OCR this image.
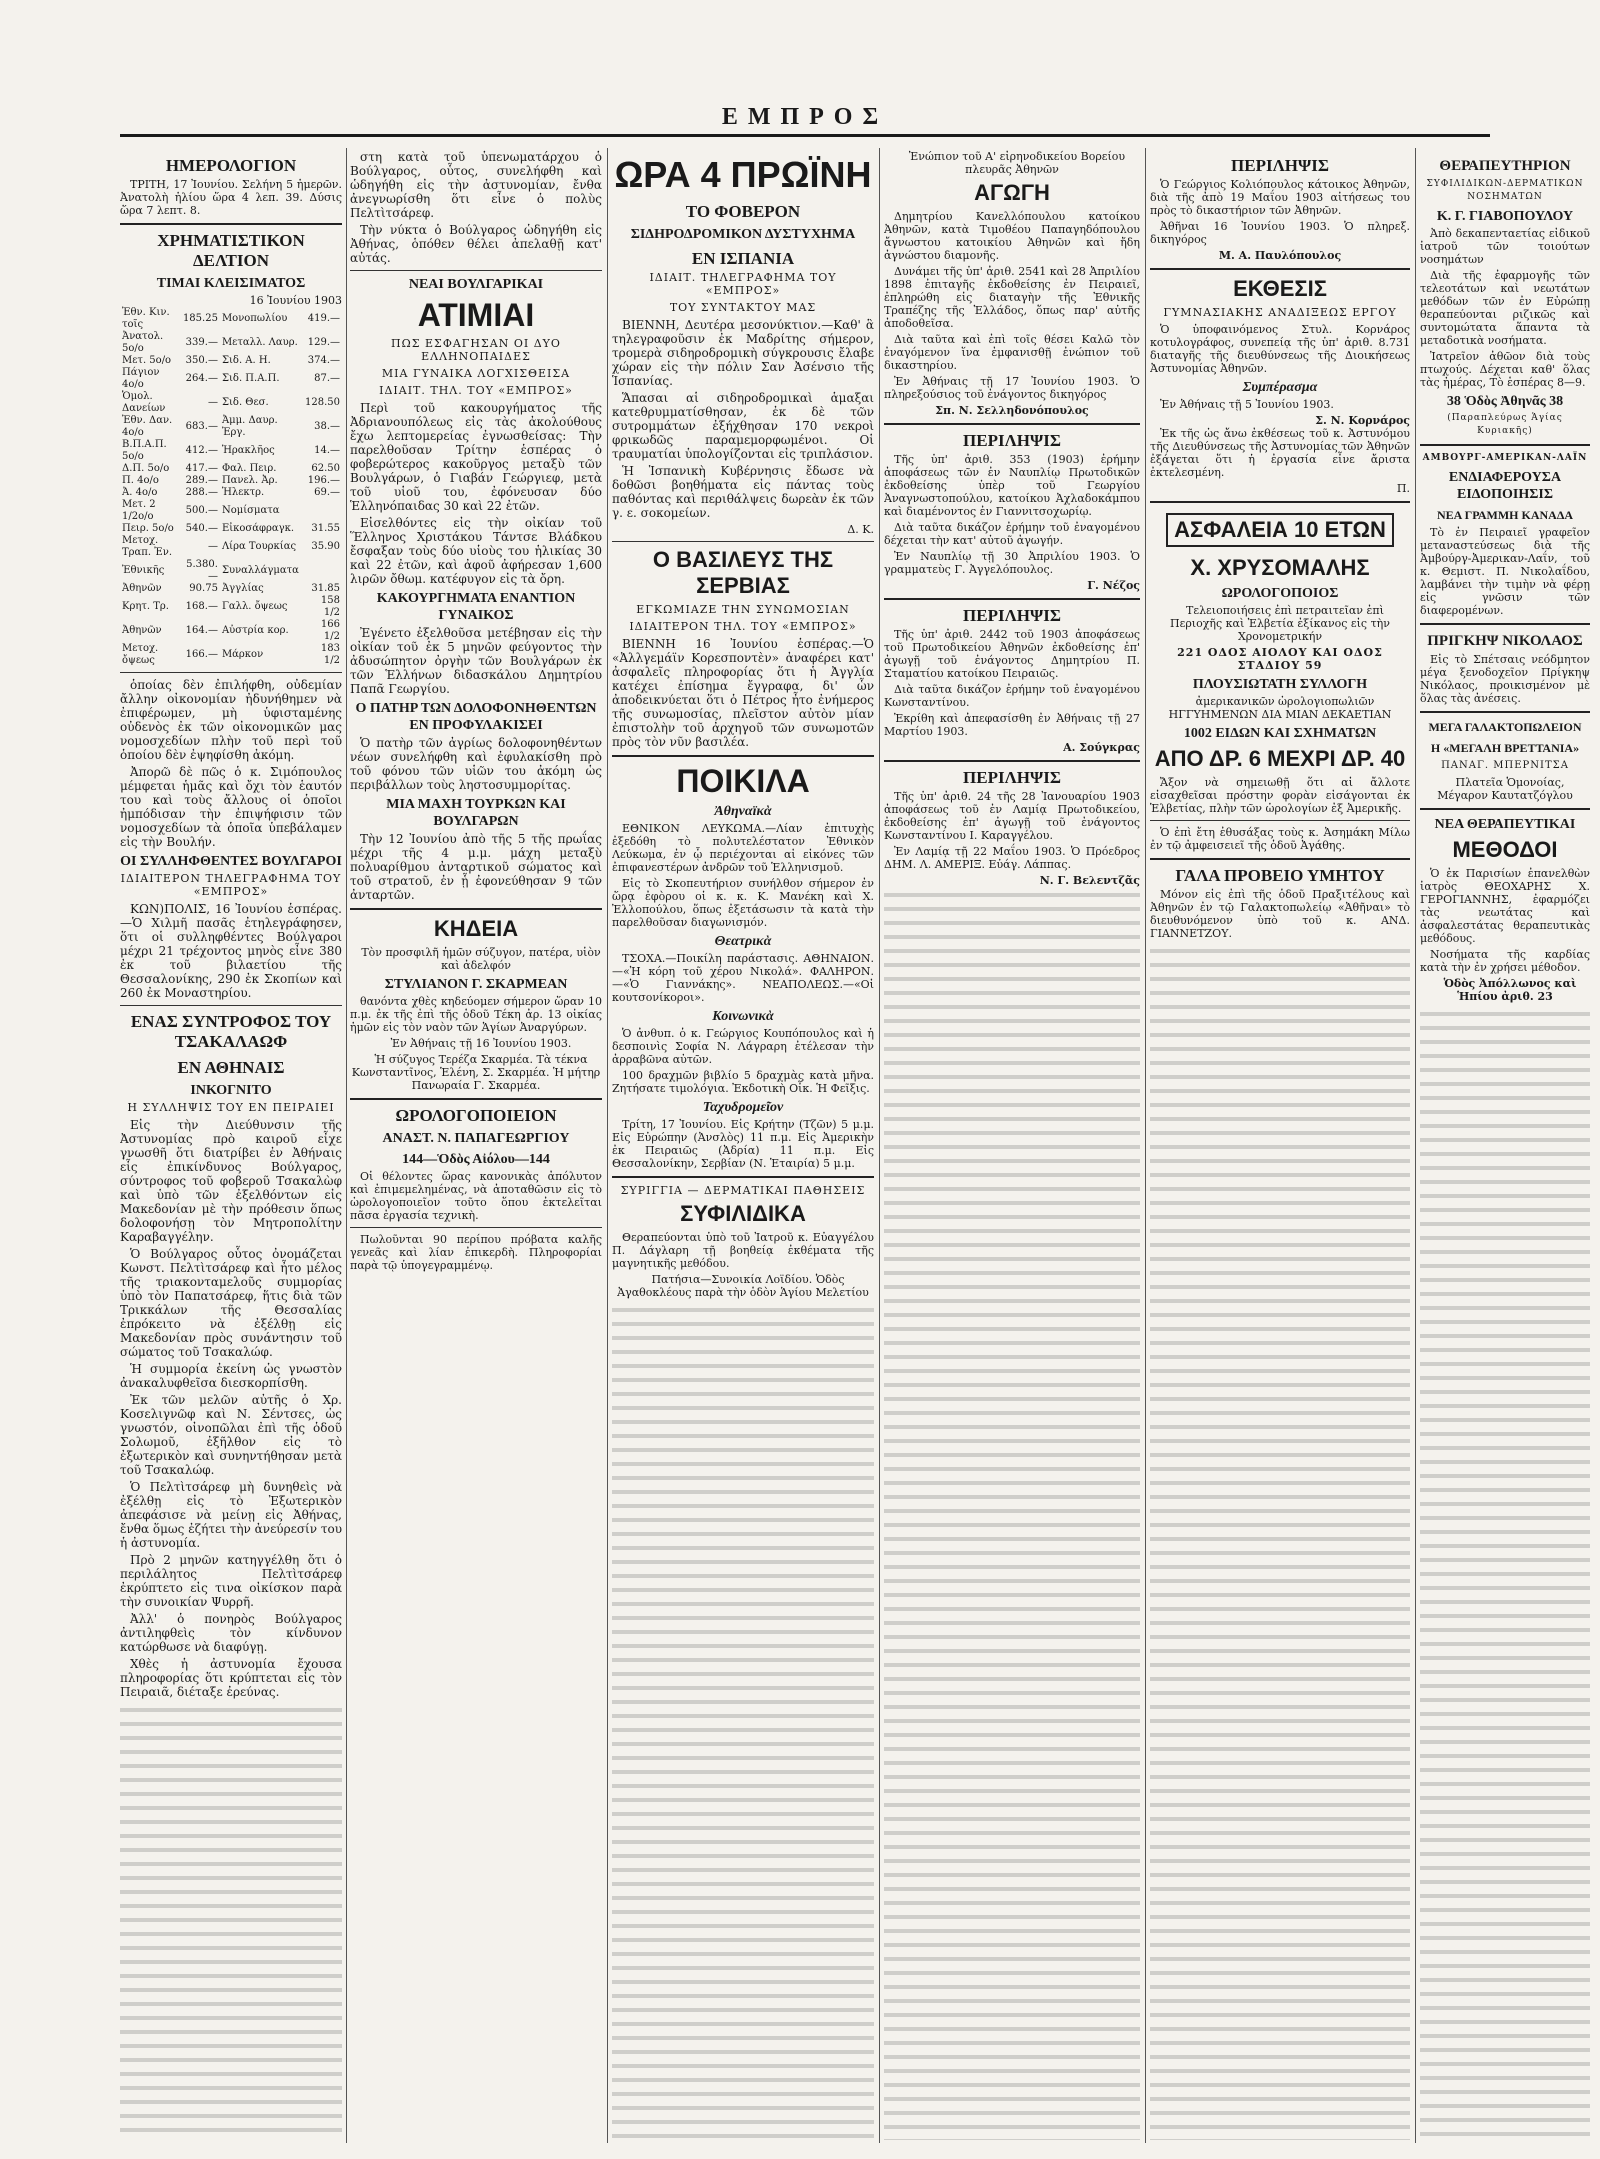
ΕΜΠΡΟΣ
ΗΜΕΡΟΛΟΓΙΟΝ
ΤΡΙΤΗ, 17 Ἰουνίου. Σελήνη 5 ἡμερῶν. Ἀνατολὴ ἡλίου ὥρα 4 λεπ. 39. Δύσις ὥρα 7 λεπτ. 8.
ΧΡΗΜΑΤΙΣΤΙΚΟΝ ΔΕΛΤΙΟΝ
ΤΙΜΑΙ ΚΛΕΙΣΙΜΑΤΟΣ
16 Ἰουνίου 1903
Ἐθν. Κιν. τοῖς	185.25	Μονοπωλίου	419.—
Ἀνατολ. 5ο/ο	339.—	Μεταλλ. Λαυρ.	129.—
Μετ. 5ο/ο	350.—	Σιδ. Α. Η.	374.—
Πάγιον 4ο/ο	264.—	Σιδ. Π.Α.Π.	87.—
Ὁμολ. Δανείων	—	Σιδ. Θεσ.	128.50
Ἐθν. Δαν. 4ο/ο	683.—	Ἀμμ. Δαυρ. Ἐργ.	38.—
Β.Π.Α.Π. 5ο/ο	412.—	Ἡρακλῆος	14.—
Δ.Π. 5ο/ο	417.—	Φαλ. Πειρ.	62.50
Π. 4ο/ο	289.—	Πανελ. Ἀρ.	196.—
Ἀ. 4ο/ο	288.—	Ἡλεκτρ.	69.—
Μετ. 2 1/2ο/ο	500.—	Νομίσματα	
Πειρ. 5ο/ο	540.—	Εἰκοσάφραγκ.	31.55
Μετοχ. Τραπ. Ἐν.	—	Λίρα Τουρκίας	35.90
Ἐθνικῆς	5.380.—	Συναλλάγματα	
Ἀθηνῶν	90.75	Ἀγγλίας	31.85
Κρητ. Τρ.	168.—	Γαλλ. ὄψεως	158 1/2
Ἀθηνῶν	164.—	Αὐστρία κορ.	166 1/2
Μετοχ. ὄψεως	166.—	Μάρκον	183 1/2
ὁποίας δὲν ἐπιλήφθη, οὐδεμίαν ἄλλην οἰκονομίαν ἠδυνήθημεν νὰ ἐπιφέρωμεν, μὴ ὑφισταμένης οὐδενὸς ἐκ τῶν οἰκονομικῶν μας νομοσχεδίων πλὴν τοῦ περὶ τοῦ ὁποίου δὲν ἐψηφίσθη ἀκόμη.
Ἀπορῶ δὲ πῶς ὁ κ. Σιμόπουλος μέμφεται ἡμᾶς καὶ ὄχι τὸν ἑαυτόν του καὶ τοὺς ἄλλους οἱ ὁποῖοι ἠμπόδισαν τὴν ἐπιψήφισιν τῶν νομοσχεδίων τὰ ὁποῖα ὑπεβάλαμεν εἰς τὴν Βουλήν.
ΟΙ ΣΥΛΛΗΦΘΕΝΤΕΣ ΒΟΥΛΓΑΡΟΙ
ΙΔΙΑΙΤΕΡΟΝ ΤΗΛΕΓΡΑΦΗΜΑ ΤΟΥ «ΕΜΠΡΟΣ»
ΚΩΝ)ΠΟΛΙΣ, 16 Ἰουνίου ἑσπέρας.—Ὁ Χιλμῆ πασᾶς ἐτηλεγράφησεν, ὅτι οἱ συλληφθέντες Βούλγαροι μέχρι 21 τρέχοντος μηνὸς εἶνε 380 ἐκ τοῦ βιλαετίου τῆς Θεσσαλονίκης, 290 ἐκ Σκοπίων καὶ 260 ἐκ Μοναστηρίου.
ΕΝΑΣ ΣΥΝΤΡΟΦΟΣ ΤΟΥ ΤΣΑΚΑΛΑΩΦ
ΕΝ ΑΘΗΝΑΙΣ
ΙΝΚΟΓΝΙΤΟ
Η ΣΥΛΛΗΨΙΣ ΤΟΥ ΕΝ ΠΕΙΡΑΙΕΙ
Εἰς τὴν Διεύθυνσιν τῆς Ἀστυνομίας πρὸ καιροῦ εἶχε γνωσθῆ ὅτι διατρίβει ἐν Ἀθήναις εἷς ἐπικίνδυνος Βούλγαρος, σύντροφος τοῦ φοβεροῦ Τσακαλὼφ καὶ ὑπὸ τῶν ἐξελθόντων εἰς Μακεδονίαν μὲ τὴν πρόθεσιν ὅπως δολοφονήσῃ τὸν Μητροπολίτην Καραβαγγέλην.
Ὁ Βούλγαρος οὗτος ὀνομάζεται Κωνστ. Πελτὶτσάρεφ καὶ ἦτο μέλος τῆς τριακονταμελοῦς συμμορίας ὑπὸ τὸν Παπατσάρεφ, ἥτις διὰ τῶν Τρικκάλων τῆς Θεσσαλίας ἐπρόκειτο νὰ ἐξέλθῃ εἰς Μακεδονίαν πρὸς συνάντησιν τοῦ σώματος τοῦ Τσακαλώφ.
Ἡ συμμορία ἐκείνη ὡς γνωστὸν ἀνακαλυφθεῖσα διεσκορπίσθη.
Ἐκ τῶν μελῶν αὐτῆς ὁ Χρ. Κοσελιγνῶφ καὶ Ν. Σέντσες, ὡς γνωστόν, οἰνοπῶλαι ἐπὶ τῆς ὁδοῦ Σολωμοῦ, ἐξῆλθον εἰς τὸ ἐξωτερικὸν καὶ συνηντήθησαν μετὰ τοῦ Τσακαλώφ.
Ὁ Πελτὶτσάρεφ μὴ δυνηθεὶς νὰ ἐξέλθῃ εἰς τὸ Ἐξωτερικὸν ἀπεφάσισε νὰ μείνῃ εἰς Ἀθήνας, ἔνθα ὅμως ἐζήτει τὴν ἀνεύρεσίν του ἡ ἀστυνομία.
Πρὸ 2 μηνῶν κατηγγέλθη ὅτι ὁ περιλάλητος Πελτὶτσάρεφ ἐκρύπτετο εἰς τινα οἰκίσκον παρὰ τὴν συνοικίαν Ψυρρῆ.
Ἀλλ' ὁ πονηρὸς Βούλγαρος ἀντιληφθεὶς τὸν κίνδυνον κατώρθωσε νὰ διαφύγῃ.
Χθὲς ἡ ἀστυνομία ἔχουσα πληροφορίας ὅτι κρύπτεται εἰς τὸν Πειραιᾶ, διέταξε ἐρεύνας.
στη κατὰ τοῦ ὑπενωματάρχου ὁ Βούλγαρος, οὗτος, συνελήφθη καὶ ὡδηγήθη εἰς τὴν ἀστυνομίαν, ἔνθα ἀνεγνωρίσθη ὅτι εἶνε ὁ πολὺς Πελτὶτσάρεφ.
Τὴν νύκτα ὁ Βούλγαρος ὡδηγήθη εἰς Ἀθήνας, ὁπόθεν θέλει ἀπελαθῇ κατ' αὐτάς.
ΝΕΑΙ ΒΟΥΛΓΑΡΙΚΑΙ
ΑΤΙΜΙΑΙ
ΠΩΣ ΕΣΦΑΓΗΣΑΝ ΟΙ ΔΥΟ ΕΛΛΗΝΟΠΑΙΔΕΣ
ΜΙΑ ΓΥΝΑΙΚΑ ΛΟΓΧΙΣΘΕΙΣΑ
ΙΔΙΑΙΤ. ΤΗΛ. ΤΟΥ «ΕΜΠΡΟΣ»
Περὶ τοῦ κακουργήματος τῆς Ἀδριανουπόλεως εἰς τὰς ἀκολούθους ἔχω λεπτομερείας ἐγνωσθείσας: Τὴν παρελθοῦσαν Τρίτην ἑσπέρας ὁ φοβερώτερος κακοῦργος μεταξὺ τῶν Βουλγάρων, ὁ Γιαβάν Γεώργιεφ, μετὰ τοῦ υἱοῦ του, ἐφόνευσαν δύο Ἑλληνόπαιδας 30 καὶ 22 ἐτῶν.
Εἰσελθόντες εἰς τὴν οἰκίαν τοῦ Ἕλληνος Χριστάκου Τάντσε Βλάδκου ἔσφαξαν τοὺς δύο υἱοὺς του ἡλικίας 30 καὶ 22 ἐτῶν, καὶ ἀφοῦ ἀφήρεσαν 1,600 λιρῶν ὄθωμ. κατέφυγον εἰς τὰ ὄρη.
ΚΑΚΟΥΡΓΗΜΑΤΑ ΕΝΑΝΤΙΟΝ ΓΥΝΑΙΚΟΣ
Ἐγένετο ἐξελθοῦσα μετέβησαν εἰς τὴν οἰκίαν τοῦ ἐκ 5 μηνῶν φεύγοντος τὴν ἀδυσώπητον ὀργὴν τῶν Βουλγάρων ἐκ τῶν Ἑλλήνων διδασκάλου Δημητρίου Παπᾶ Γεωργίου.
Ο ΠΑΤΗΡ ΤΩΝ ΔΟΛΟΦΟΝΗΘΕΝΤΩΝ ΕΝ ΠΡΟΦΥΛΑΚΙΣΕΙ
Ὁ πατὴρ τῶν ἀγρίως δολοφονηθέντων νέων συνελήφθη καὶ ἐφυλακίσθη πρὸ τοῦ φόνου τῶν υἱῶν του ἀκόμη ὡς περιβάλλων τοὺς ληστοσυμμορίτας.
ΜΙΑ ΜΑΧΗ ΤΟΥΡΚΩΝ ΚΑΙ ΒΟΥΛΓΑΡΩΝ
Τὴν 12 Ἰουνίου ἀπὸ τῆς 5 τῆς πρωΐας μέχρι τῆς 4 μ.μ. μάχη μεταξὺ πολυαρίθμου ἀνταρτικοῦ σώματος καὶ τοῦ στρατοῦ, ἐν ᾗ ἐφονεύθησαν 9 τῶν ἀνταρτῶν.
ΚΗΔΕΙΑ
Τὸν προσφιλῆ ἡμῶν σύζυγον, πατέρα, υἱὸν καὶ ἀδελφόν
ΣΤΥΛΙΑΝΟΝ Γ. ΣΚΑΡΜΕΑΝ
θανόντα χθὲς κηδεύομεν σήμερον ὥραν 10 π.μ. ἐκ τῆς ἐπὶ τῆς ὁδοῦ Τέκη ἀρ. 13 οἰκίας ἡμῶν εἰς τὸν ναὸν τῶν Ἁγίων Ἀναργύρων.
Ἐν Ἀθήναις τῇ 16 Ἰουνίου 1903.
Ἡ σύζυγος Τερέζα Σκαρμέα. Τὰ τέκνα Κωνσταντῖνος, Ἑλένη, Σ. Σκαρμέα. Ἡ μήτηρ Πανωραία Γ. Σκαρμέα.
ΩΡΟΛΟΓΟΠΟΙΕΙΟΝ
ΑΝΑΣΤ. Ν. ΠΑΠΑΓΕΩΡΓΙΟΥ
144—Ὁδὸς Αἰόλου—144
Οἱ θέλοντες ὥρας κανονικὰς ἀπόλυτον καὶ ἐπιμεμελημένας, νὰ ἀποταθῶσιν εἰς τὸ ὡρολογοποιεῖον τοῦτο ὅπου ἐκτελεῖται πᾶσα ἐργασία τεχνικὴ.
Πωλοῦνται 90 περίπου πρόβατα καλῆς γενεᾶς καὶ λίαν ἐπικερδὴ. Πληροφορίαι παρὰ τῷ ὑπογεγραμμένῳ.
ΩΡΑ 4 ΠΡΩΪΝΗ
ΤΟ ΦΟΒΕΡΟΝ
ΣΙΔΗΡΟΔΡΟΜΙΚΟΝ ΔΥΣΤΥΧΗΜΑ
ΕΝ ΙΣΠΑΝΙΑ
ΙΔΙΑΙΤ. ΤΗΛΕΓΡΑΦΗΜΑ ΤΟΥ «ΕΜΠΡΟΣ»
ΤΟΥ ΣΥΝΤΑΚΤΟΥ ΜΑΣ
ΒΙΕΝΝΗ, Δευτέρα μεσονύκτιον.—Καθ' ἃ τηλεγραφοῦσιν ἐκ Μαδρίτης σήμερον, τρομερὰ σιδηροδρομικὴ σύγκρουσις ἔλαβε χώραν εἰς τὴν πόλιν Σαν Ἀσένσιο τῆς Ἱσπανίας.
Ἅπασαι αἱ σιδηροδρομικαὶ ἁμαξαι κατεθρυμματίσθησαν, ἐκ δὲ τῶν συτρομμάτων ἐξήχθησαν 170 νεκροὶ φρικωδῶς παραμεμορφωμένοι. Οἱ τραυματίαι ὑπολογίζονται εἰς τριπλάσιον.
Ἡ Ἱσπανικὴ Κυβέρνησις ἔδωσε νὰ δοθῶσι βοηθήματα εἰς πάντας τοὺς παθόντας καὶ περιθάλψεις δωρεὰν ἐκ τῶν γ. ε. σοκομείων.
Δ. Κ.
Ο ΒΑΣΙΛΕΥΣ ΤΗΣ ΣΕΡΒΙΑΣ
ΕΓΚΩΜΙΑΖΕ ΤΗΝ ΣΥΝΩΜΟΣΙΑΝ
ΙΔΙΑΙΤΕΡΟΝ ΤΗΛ. ΤΟΥ «ΕΜΠΡΟΣ»
ΒΙΕΝΝΗ 16 Ἰουνίου ἑσπέρας.—Ὁ «Ἀλλγεμάϊν Κορεσποντὲν» ἀναφέρει κατ' ἀσφαλεῖς πληροφορίας ὅτι ἡ Ἀγγλία κατέχει ἐπίσημα ἔγγραφα, δι' ὧν ἀποδεικνύεται ὅτι ὁ Πέτρος ἦτο ἐνήμερος τῆς συνωμοσίας, πλεῖστον αὐτὸν μίαν ἐπιστολὴν τοῦ ἀρχηγοῦ τῶν συνωμοτῶν πρὸς τὸν νῦν βασιλέα.
ΠΟΙΚΙΛΑ
Ἀθηναϊκὰ
ΕΘΝΙΚΟΝ ΛΕΥΚΩΜΑ.—Λίαν ἐπιτυχὴς ἐξεδόθη τὸ πολυτελέστατον Ἐθνικὸν Λεύκωμα, ἐν ᾧ περιέχονται αἱ εἰκόνες τῶν ἐπιφανεστέρων ἀνδρῶν τοῦ Ἑλληνισμοῦ.
Εἰς τὸ Σκοπευτήριον συνήλθον σήμερον ἐν ὥρᾳ ἐφὸρου οἱ κ. κ. Κ. Μανέκη καὶ Χ. Ἐλλοπούλου, ὅπως ἐξετάσωσιν τὰ κατὰ τὴν παρελθοῦσαν διαγωνισμόν.
Θεατρικὰ
ΤΣΟΧΑ.—Ποικίλη παράστασις. ΑΘΗΝΑΙΟΝ.—«Ἡ κόρη τοῦ χέρου Νικολά». ΦΑΛΗΡΟΝ.—«Ὁ Γιαννάκης». ΝΕΑΠΟΛΕΩΣ.—«Οἱ κουτσονίκοροι».
Κοινωνικὰ
Ὁ ἀνθυπ. ὁ κ. Γεώργιος Κουπόπουλος καὶ ἡ δεσποινὶς Σοφία Ν. Λάγραρη ἐτέλεσαν τὴν ἀρραβῶνα αὐτῶν.
100 δραχμῶν βιβλίο 5 δραχμὰς κατὰ μῆνα. Ζητήσατε τιμολόγια. Ἐκδοτικὴ Οἶκ. Ἡ Φεῖξις.
Ταχυδρομεῖον
Τρίτη, 17 Ἰουνίου. Εἰς Κρήτην (Τζῶν) 5 μ.μ. Εἰς Εὐρώπην (Ἀνσλὸς) 11 π.μ. Εἰς Ἀμερικὴν ἐκ Πειραιῶς (Ἀδρία) 11 π.μ. Εἰς Θεσσαλονίκην, Σερβίαν (Ν. Ἑταιρία) 5 μ.μ.
ΣΥΡΙΓΓΙΑ — ΔΕΡΜΑΤΙΚΑΙ ΠΑΘΗΣΕΙΣ
ΣΥΦΙΛΙΔΙΚΑ
Θεραπεύονται ὑπὸ τοῦ Ἰατροῦ κ. Εὐαγγέλου Π. Δάγλαρη τῇ βοηθείᾳ ἐκθέματα τῆς μαγνητικῆς μεθόδου.
Πατήσια—Συνοικία Λοϊδίου. Ὁδὸς Ἀγαθοκλέους παρὰ τὴν ὁδὸν Ἁγίου Μελετίου
Ἐνώπιον τοῦ Α' εἰρηνοδικείου Βορείου πλευρᾶς Ἀθηνῶν
ΑΓΩΓΗ
Δημητρίου Κανελλόπουλου κατοίκου Ἀθηνῶν, κατὰ Τιμοθέου Παπαγηδόπουλου ἄγνωστου κατοικίου Ἀθηνῶν καὶ ἤδη ἀγνώστου διαμονῆς.
Δυνάμει τῆς ὑπ' ἀριθ. 2541 καὶ 28 Ἀπριλίου 1898 ἐπιταγῆς ἐκδοθείσης ἐν Πειραιεῖ, ἐπληρώθη εἰς διαταγὴν τῆς Ἐθνικῆς Τραπέζης τῆς Ἑλλάδος, ὅπως παρ' αὐτῆς ἀποδοθεῖσα.
Διὰ ταῦτα καὶ ἐπὶ τοῖς θέσει Καλῶ τὸν ἐναγόμενον ἵνα ἐμφανισθῇ ἐνώπιον τοῦ δικαστηρίου.
Ἐν Ἀθήναις τῇ 17 Ἰουνίου 1903. Ὁ πληρεξούσιος τοῦ ἐνάγοντος δικηγόρος
Σπ. Ν. Σελληδονόπουλος
ΠΕΡΙΛΗΨΙΣ
Τῆς ὑπ' ἀριθ. 353 (1903) ἐρήμην ἀποφάσεως τῶν ἐν Ναυπλίῳ Πρωτοδικῶν ἐκδοθείσης ὑπὲρ τοῦ Γεωργίου Ἀναγνωστοπούλου, κατοίκου Ἀχλαδοκάμπου καὶ διαμένοντος ἐν Γιαννιτσοχωρίῳ.
Διὰ ταῦτα δικάζον ἐρήμην τοῦ ἐναγομένου δέχεται τὴν κατ' αὐτοῦ ἀγωγήν.
Ἐν Ναυπλίῳ τῇ 30 Ἀπριλίου 1903. Ὁ γραμματεὺς Γ. Ἀγγελόπουλος.
Γ. Νέζος
ΠΕΡΙΛΗΨΙΣ
Τῆς ὑπ' ἀριθ. 2442 τοῦ 1903 ἀποφάσεως τοῦ Πρωτοδικείου Ἀθηνῶν ἐκδοθείσης ἐπ' ἀγωγῇ τοῦ ἐνάγοντος Δημητρίου Π. Σταματίου κατοίκου Πειραιῶς.
Διὰ ταῦτα δικάζον ἐρήμην τοῦ ἐναγομένου Κωνσταντίνου.
Ἐκρίθη καὶ ἀπεφασίσθη ἐν Ἀθήναις τῇ 27 Μαρτίου 1903.
Α. Σούγκρας
ΠΕΡΙΛΗΨΙΣ
Τῆς ὑπ' ἀριθ. 24 τῆς 28 Ἰανουαρίου 1903 ἀποφάσεως τοῦ ἐν Λαμίᾳ Πρωτοδικείου, ἐκδοθείσης ἐπ' ἀγωγῇ τοῦ ἐνάγοντος Κωνσταντίνου Ι. Καραγγέλου.
Ἐν Λαμίᾳ τῇ 22 Μαΐου 1903. Ὁ Πρόεδρος ΔΗΜ. Λ. ΑΜΕΡΙΞ. Εὐάγ. Λάππας.
Ν. Γ. Βελεντζᾶς
ΠΕΡΙΛΗΨΙΣ
Ὁ Γεώργιος Κολιόπουλος κάτοικος Ἀθηνῶν, διὰ τῆς ἀπὸ 19 Μαΐου 1903 αἰτήσεως του πρὸς τὸ δικαστήριον τῶν Ἀθηνῶν.
Ἀθῆναι 16 Ἰουνίου 1903. Ὁ πληρεξ. δικηγόρος
Μ. Α. Παυλόπουλος
ΕΚΘΕΣΙΣ
ΓΥΜΝΑΣΙΑΚΗΣ ΑΝΑΔΙΞΕΩΣ ΕΡΓΟΥ
Ὁ ὑποφαινόμενος Στυλ. Κορνάρος κοτυλογράφος, συνεπείᾳ τῆς ὑπ' ἀριθ. 8.731 διαταγῆς τῆς διευθύνσεως τῆς Διοικήσεως Ἀστυνομίας Ἀθηνῶν.
Συμπέρασμα
Ἐν Ἀθήναις τῇ 5 Ἰουνίου 1903.
Σ. Ν. Κορνάρος
Ἐκ τῆς ὡς ἄνω ἐκθέσεως τοῦ κ. Ἀστυνόμου τῆς Διευθύνσεως τῆς Ἀστυνομίας τῶν Ἀθηνῶν ἐξάγεται ὅτι ἡ ἐργασία εἶνε ἄριστα ἐκτελεσμένη.
Π.
ΑΣΦΑΛΕΙΑ 10 ΕΤΩΝ
Χ. ΧΡΥΣΟΜΑΛΗΣ
ΩΡΟΛΟΓΟΠΟΙΟΣ
Τελειοποιήσεις ἐπὶ πετραιτεῖαν ἐπὶ Περιοχῆς καὶ Ἑλβετία ἐξίκανος εἰς τὴν Χρονομετρικήν
221 ΟΔΟΣ ΑΙΟΛΟΥ ΚΑΙ ΟΔΟΣ ΣΤΑΔΙΟΥ 59
ΠΛΟΥΣΙΩΤΑΤΗ ΣΥΛΛΟΓΗ
ἀμερικανικῶν ὡρολογιοπωλιῶν ΗΓΓΥΗΜΕΝΩΝ ΔΙΑ ΜΙΑΝ ΔΕΚΑΕΤΙΑΝ
1002 ΕΙΔΩΝ ΚΑΙ ΣΧΗΜΑΤΩΝ
ΑΠΟ ΔΡ. 6 ΜΕΧΡΙ ΔΡ. 40
Ἄξον νὰ σημειωθῇ ὅτι αἱ ἄλλοτε εἰσαχθεῖσαι πρόστην φορὰν εἰσάγονται ἐκ Ἑλβετίας, πλὴν τῶν ὡρολογίων ἐξ Ἀμερικῆς.
Ὁ ἐπὶ ἔτη ἐθυσάξας τοὺς κ. Ἀσημάκη Μίλω ἐν τῷ ἀμφεισειεῖ τῆς ὁδοῦ Ἀγάθης.
ΓΑΛΑ ΠΡΟΒΕΙΟ ΥΜΗΤΟΥ
Μόνον εἰς ἐπὶ τῆς ὁδοῦ Πραξιτέλους καὶ Ἀθηνῶν ἐν τῷ Γαλακτοπωλείῳ «Ἀθῆναι» τὸ διευθυνόμενον ὑπὸ τοῦ κ. ΑΝΔ. ΓΙΑΝΝΕΤΖΟΥ.
ΘΕΡΑΠΕΥΤΗΡΙΟΝ
ΣΥΦΙΛΙΔΙΚΩΝ-ΔΕΡΜΑΤΙΚΩΝ ΝΟΣΗΜΑΤΩΝ
Κ. Γ. ΓΙΑΒΟΠΟΥΛΟΥ
Ἀπὸ δεκαπενταετίας εἰδικοῦ ἰατροῦ τῶν τοιούτων νοσημάτων
Διὰ τῆς ἐφαρμογῆς τῶν τελεοτάτων καὶ νεωτάτων μεθόδων τῶν ἐν Εὐρώπῃ θεραπεύονται ριζικῶς καὶ συντομώτατα ἅπαντα τὰ μεταδοτικὰ νοσήματα.
Ἰατρεῖον ἀθῶον διὰ τοὺς πτωχούς. Δέχεται καθ' ὅλας τὰς ἡμέρας, Τὸ ἑσπέρας 8—9.
38 Ὁδὸς Ἀθηνᾶς 38
(Παραπλεύρως Ἁγίας Κυριακῆς)
ΑΜΒΟΥΡΓ-ΑΜΕΡΙΚΑΝ-ΛΑΪΝ
ΕΝΔΙΑΦΕΡΟΥΣΑ ΕΙΔΟΠΟΙΗΣΙΣ
ΝΕΑ ΓΡΑΜΜΗ ΚΑΝΑΔΑ
Τὸ ἐν Πειραιεῖ γραφεῖον μεταναστεύσεως διὰ τῆς Ἀμβούργ-Ἀμερικαν-Λαΐν, τοῦ κ. Θεμιστ. Π. Νικολαΐδου, λαμβάνει τὴν τιμὴν νὰ φέρῃ εἰς γνῶσιν τῶν διαφερομένων.
ΠΡΙΓΚΗΨ ΝΙΚΟΛΑΟΣ
Εἰς τὸ Σπέτσαις νεόδμητον μέγα ξενοδοχεῖον Πρίγκηψ Νικόλαος, προικισμένον μὲ ὅλας τὰς ἀνέσεις.
ΜΕΓΑ ΓΑΛΑΚΤΟΠΩΛΕΙΟΝ
Η «ΜΕΓΑΛΗ ΒΡΕΤΤΑΝΙΑ»
ΠΑΝΑΓ. ΜΠΕΡΝΙΤΣΑ
Πλατεῖα Ὁμονοίας, Μέγαρον Καυτατζόγλου
ΝΕΑ ΘΕΡΑΠΕΥΤΙΚΑΙ
ΜΕΘΟΔΟΙ
Ὁ ἐκ Παρισίων ἐπανελθὼν ἰατρὸς ΘΕΟΧΑΡΗΣ Χ. ΓΕΡΟΓΙΑΝΝΗΣ, ἐφαρμόζει τὰς νεωτάτας καὶ ἀσφαλεστάτας θεραπευτικὰς μεθόδους.
Νοσήματα τῆς καρδίας κατὰ τὴν ἐν χρήσει μέθοδον.
Ὁδὸς Ἀπόλλωνος καὶ Ἡπίου ἀριθ. 23
